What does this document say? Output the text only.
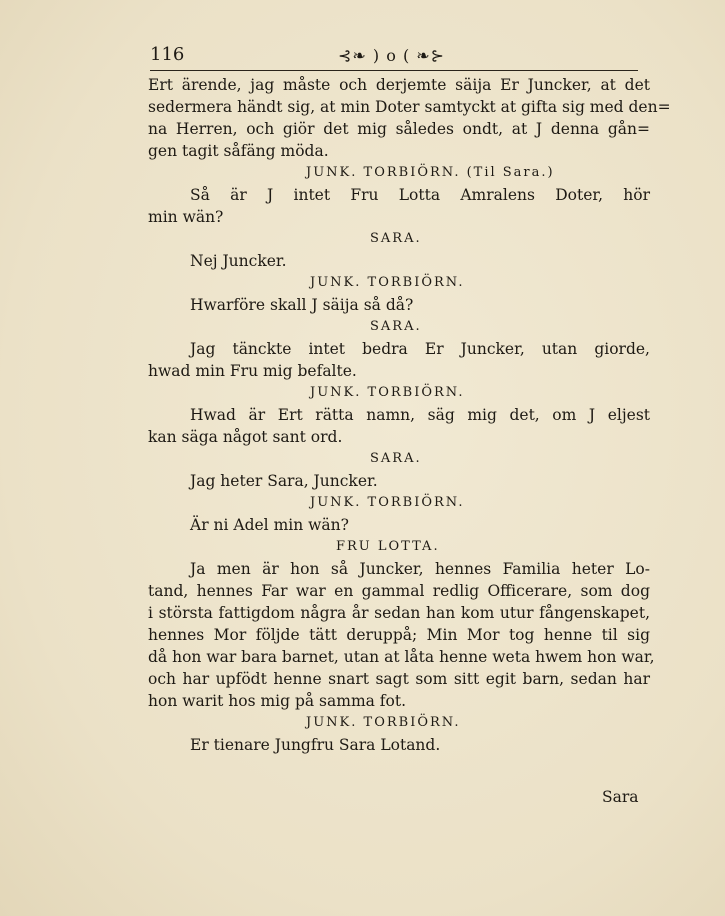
116	⊰❧ ) o ( ❧⊱
Ert ärende, jag måste och derjemte säija Er Juncker, at det
sedermera händt sig, at min Doter samtyckt at gifta sig med den=
na Herren, och giör det mig således ondt, at J denna gån=
gen tagit såfäng möda.
JUNK. TORBIÖRN. (Til Sara.)
Så är J intet Fru Lotta Amralens Doter, hör
min wän?
SARA.
Nej Juncker.
JUNK. TORBIÖRN.
Hwarföre skall J säija så då?
SARA.
Jag tänckte intet bedra Er Juncker, utan giorde,
hwad min Fru mig befalte.
JUNK. TORBIÖRN.
Hwad är Ert rätta namn, säg mig det, om J eljest
kan säga något sant ord.
SARA.
Jag heter Sara, Juncker.
JUNK. TORBIÖRN.
Är ni Adel min wän?
FRU LOTTA.
Ja men är hon så Juncker, hennes Familia heter Lo-
tand, hennes Far war en gammal redlig Officerare, som dog
i största fattigdom några år sedan han kom utur fångenskapet,
hennes Mor följde tätt deruppå; Min Mor tog henne til sig
då hon war bara barnet, utan at låta henne weta hwem hon war,
och har upfödt henne snart sagt som sitt egit barn, sedan har
hon warit hos mig på samma fot.
JUNK. TORBIÖRN.
Er tienare Jungfru Sara Lotand.
Sara
